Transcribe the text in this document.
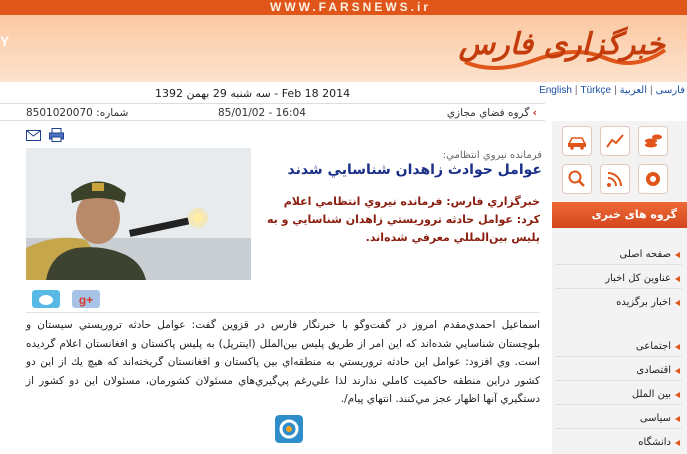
WWW.FARSNEWS.ir
Y	خبرگزاری فارس
English | Türkçe | العربية | فارسی
سه شنبه 29 بهمن 1392 - Feb 18 2014
شماره: 8501020070	85/01/02 - 16:04	گروه فضاي مجازي ‹
فرمانده نيروي انتظامي:
عوامل حوادث زاهدان شناسايي شدند
خبرگزاري فارس: فرمانده نيروي انتظامي اعلام كرد: عوامل حادثه تروريستي زاهدان شناسايي و به پليس بين‌المللي معرفي شده‌اند.
g+
اسماعيل احمدي‌مقدم امروز در گفت‌وگو با خبرنگار فارس در قزوين گفت: عوامل حادثه تروريستي سيستان و بلوچستان شناسايي شده‌اند كه اين امر از طريق پليس بين‌الملل (اينترپل) به پليس پاكستان و افغانستان اعلام گرديده است. وي افزود: عوامل اين حادثه تروريستي به منطقه‌اي بين پاكستان و افغانستان گريخته‌اند كه هيچ يك از اين دو كشور دراين منطقه حاكميت كاملي ندارند لذا علي‌رغم پي‌گيري‌هاي مسئولان كشورمان، مسئولان اين دو كشور از دستگيري آنها اظهار عجز مي‌كنند. انتهاي پيام/.
گروه های خبری
صفحه اصلی
عناوین کل اخبار
اخبار برگزیده
اجتماعی
اقتصادی
بین الملل
سیاسی
دانشگاه
